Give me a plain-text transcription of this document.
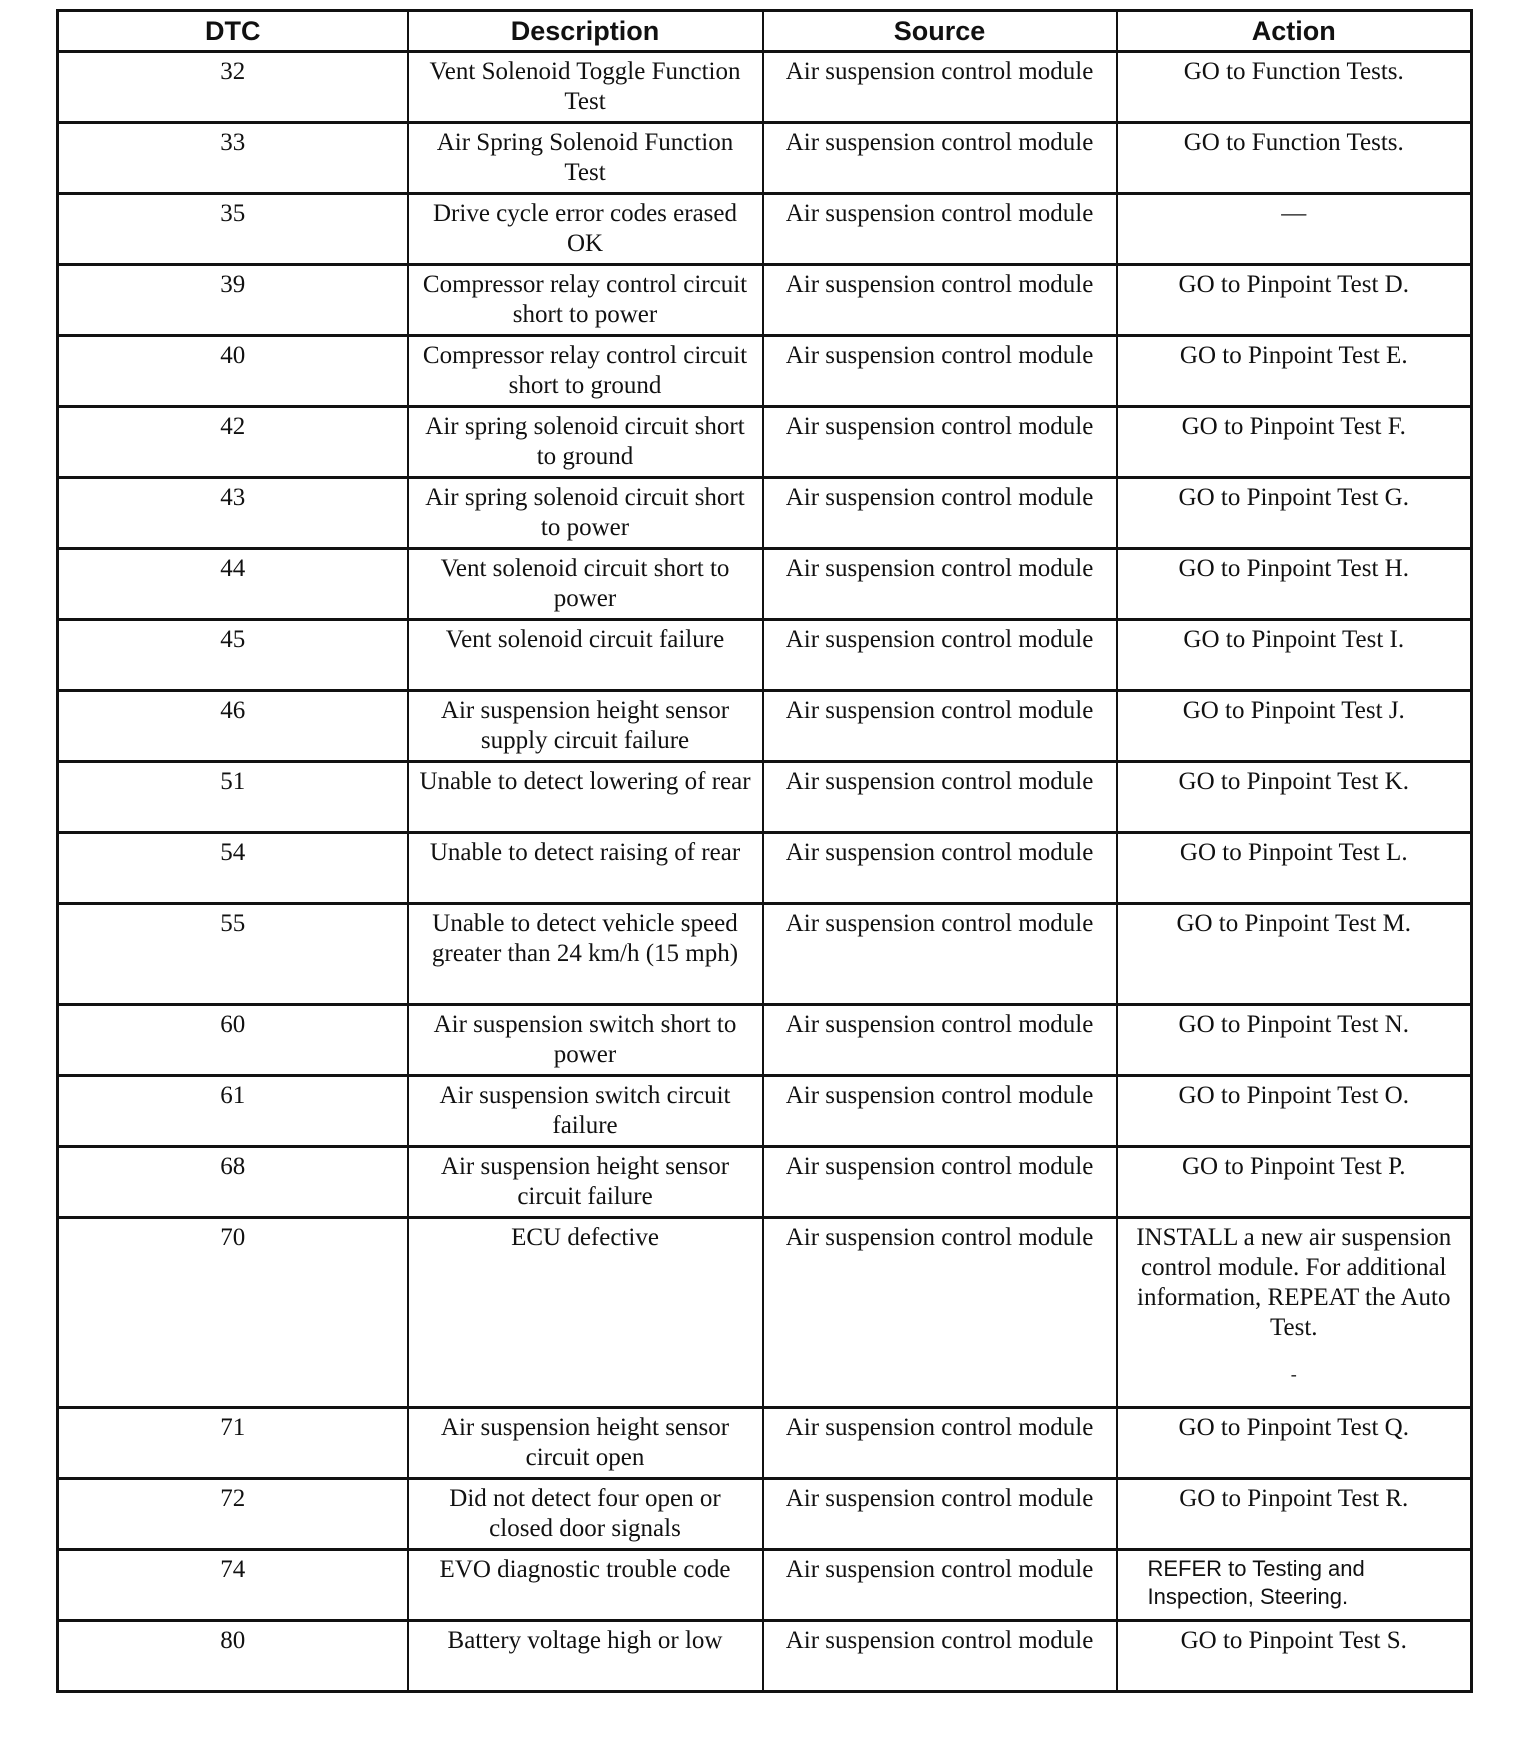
DTC	Description	Source	Action
32	Vent Solenoid Toggle Function Test	Air suspension control module	GO to Function Tests.
33	Air Spring Solenoid Function Test	Air suspension control module	GO to Function Tests.
35	Drive cycle error codes erased OK	Air suspension control module	—
39	Compressor relay control circuit short to power	Air suspension control module	GO to Pinpoint Test D.
40	Compressor relay control circuit short to ground	Air suspension control module	GO to Pinpoint Test E.
42	Air spring solenoid circuit short to ground	Air suspension control module	GO to Pinpoint Test F.
43	Air spring solenoid circuit short to power	Air suspension control module	GO to Pinpoint Test G.
44	Vent solenoid circuit short to power	Air suspension control module	GO to Pinpoint Test H.
45	Vent solenoid circuit failure	Air suspension control module	GO to Pinpoint Test I.
46	Air suspension height sensor supply circuit failure	Air suspension control module	GO to Pinpoint Test J.
51	Unable to detect lowering of rear	Air suspension control module	GO to Pinpoint Test K.
54	Unable to detect raising of rear	Air suspension control module	GO to Pinpoint Test L.
55	Unable to detect vehicle speed greater than 24 km/h (15 mph)	Air suspension control module	GO to Pinpoint Test M.
60	Air suspension switch short to power	Air suspension control module	GO to Pinpoint Test N.
61	Air suspension switch circuit failure	Air suspension control module	GO to Pinpoint Test O.
68	Air suspension height sensor circuit failure	Air suspension control module	GO to Pinpoint Test P.
70	ECU defective	Air suspension control module	INSTALL a new air suspension control module. For additional information, REPEAT the Auto Test.
-

71	Air suspension height sensor circuit open	Air suspension control module	GO to Pinpoint Test Q.
72	Did not detect four open or closed door signals	Air suspension control module	GO to Pinpoint Test R.
74	EVO diagnostic trouble code	Air suspension control module	REFER to Testing and Inspection, Steering.
80	Battery voltage high or low	Air suspension control module	GO to Pinpoint Test S.
